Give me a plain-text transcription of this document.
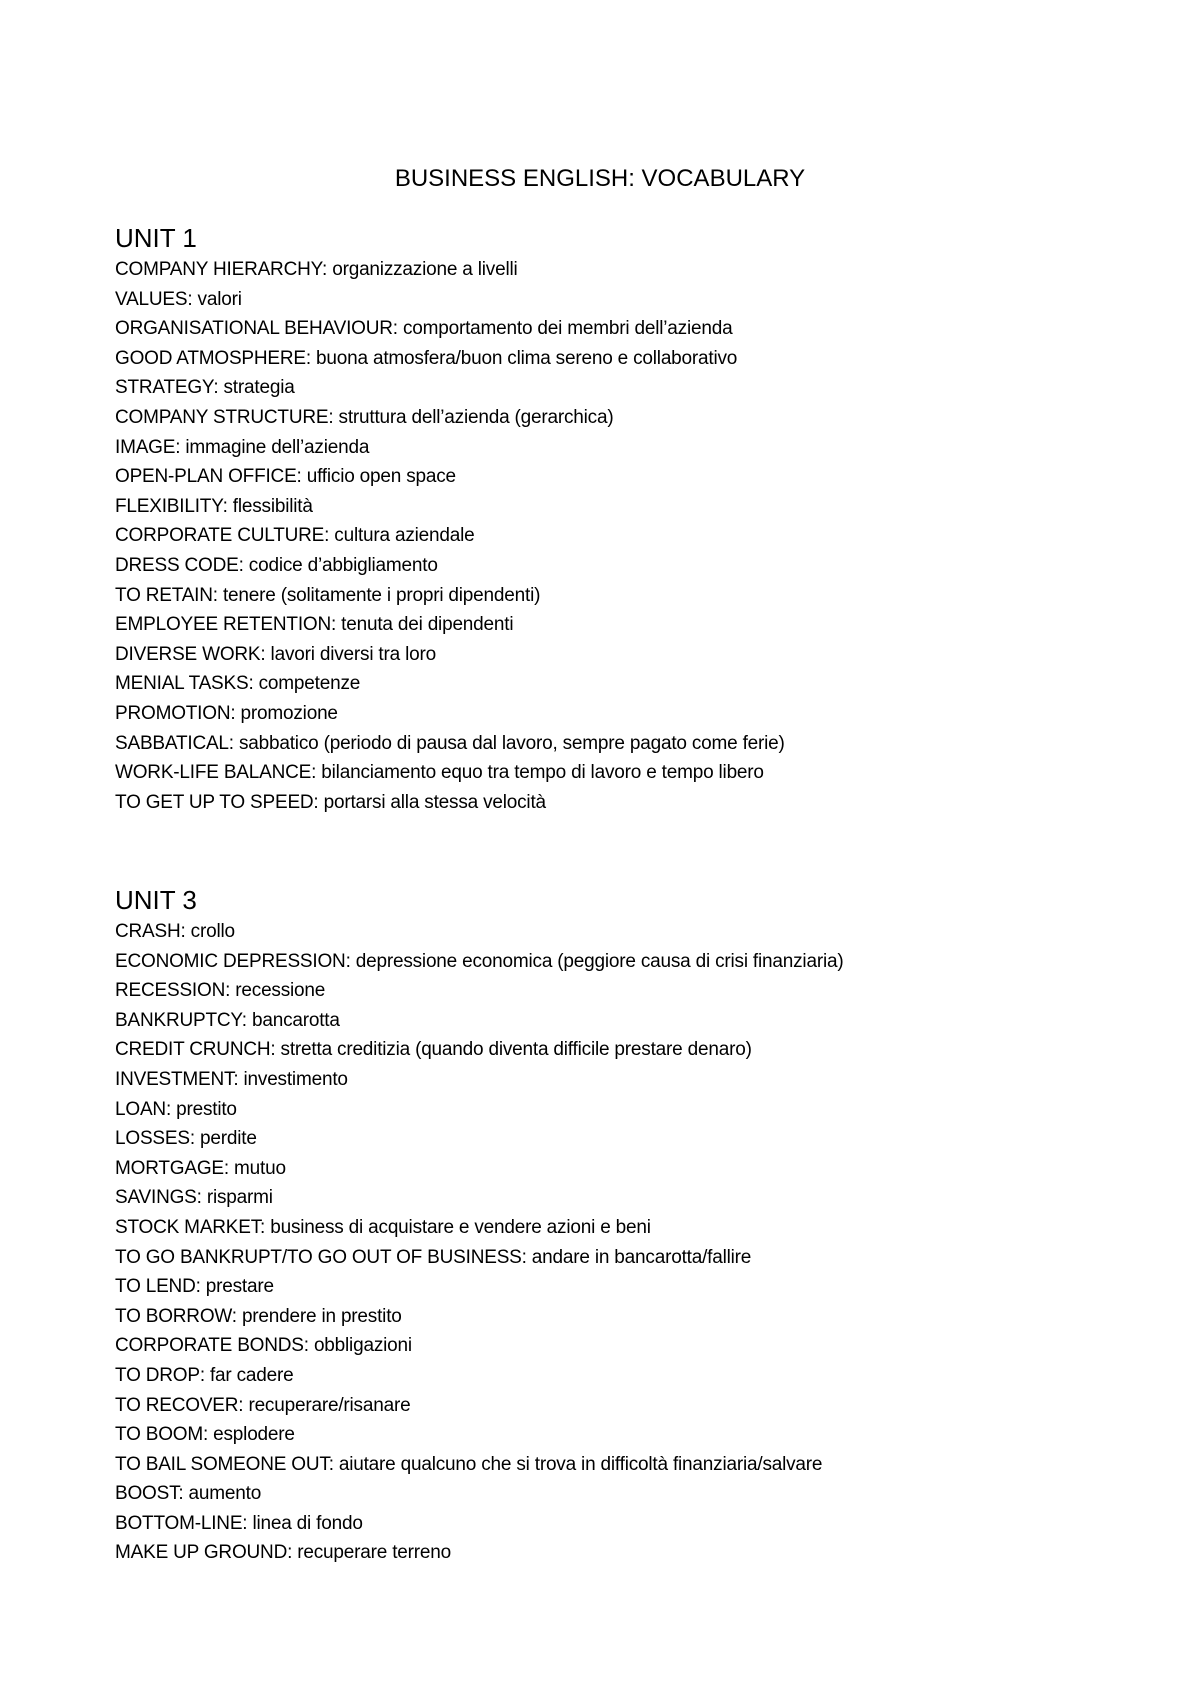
BUSINESS ENGLISH: VOCABULARY
UNIT 1
COMPANY HIERARCHY: organizzazione a livelli
VALUES: valori
ORGANISATIONAL BEHAVIOUR: comportamento dei membri dell’azienda
GOOD ATMOSPHERE: buona atmosfera/buon clima sereno e collaborativo
STRATEGY: strategia
COMPANY STRUCTURE: struttura dell’azienda (gerarchica)
IMAGE: immagine dell’azienda
OPEN-PLAN OFFICE: ufficio open space
FLEXIBILITY: flessibilità
CORPORATE CULTURE: cultura aziendale
DRESS CODE: codice d’abbigliamento
TO RETAIN: tenere (solitamente i propri dipendenti)
EMPLOYEE RETENTION: tenuta dei dipendenti
DIVERSE WORK: lavori diversi tra loro
MENIAL TASKS: competenze
PROMOTION: promozione
SABBATICAL: sabbatico (periodo di pausa dal lavoro, sempre pagato come ferie)
WORK-LIFE BALANCE: bilanciamento equo tra tempo di lavoro e tempo libero
TO GET UP TO SPEED: portarsi alla stessa velocità
UNIT 3
CRASH: crollo
ECONOMIC DEPRESSION: depressione economica (peggiore causa di crisi finanziaria)
RECESSION: recessione
BANKRUPTCY: bancarotta
CREDIT CRUNCH: stretta creditizia (quando diventa difficile prestare denaro)
INVESTMENT: investimento
LOAN: prestito
LOSSES: perdite
MORTGAGE: mutuo
SAVINGS: risparmi
STOCK MARKET: business di acquistare e vendere azioni e beni
TO GO BANKRUPT/TO GO OUT OF BUSINESS: andare in bancarotta/fallire
TO LEND: prestare
TO BORROW: prendere in prestito
CORPORATE BONDS: obbligazioni
TO DROP: far cadere
TO RECOVER: recuperare/risanare
TO BOOM: esplodere
TO BAIL SOMEONE OUT: aiutare qualcuno che si trova in difficoltà finanziaria/salvare
BOOST: aumento
BOTTOM-LINE: linea di fondo
MAKE UP GROUND: recuperare terreno
